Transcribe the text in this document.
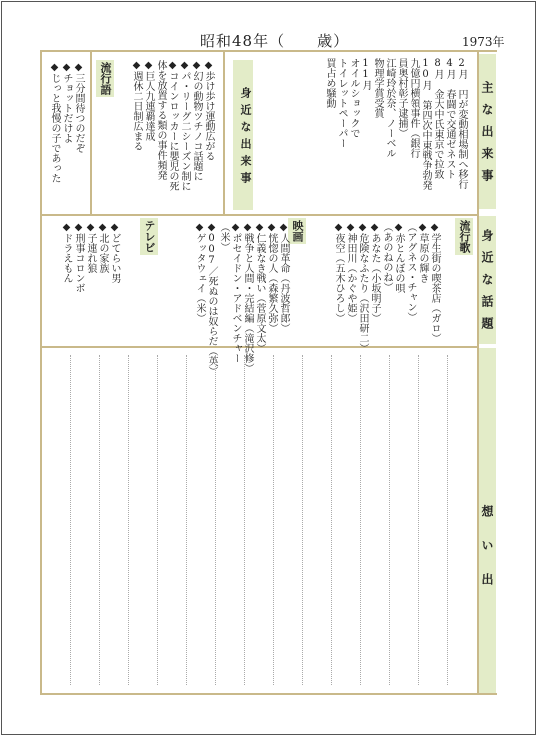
昭和48年（　　歳）	1973年
主な出来事
身近な話題
想い出
2月　円が変動相場制へ移行
4月　春闘で交通ゼネスト
8月　金大中氏東京で拉致
10月　第四次中東戦争勃発
九億円横領事件（銀行
員奥村彰子逮捕）
江崎玲於奈、ノーベル
物理学賞受賞
11月
オイルショックで
トイレットペーパー
買占め騒動
身近な出来事
◆歩け歩け運動広がる
◆幻の動物ツチノコ話題に
◆パ・リーグ二シーズン制に
◆コインロッカーに嬰児の死
体を放置する類の事件頻発
◆巨人九連覇達成
◆週休二日制広まる
流行語
◆三分間待つのだぞ
◆チョットだけよ
◆じっと我慢の子であった
流行歌
◆学生街の喫茶店（ガロ）
◆草原の輝き
（アグネス・チャン）
◆赤とんぼの唄
（あのねのね）
◆あなた（小坂明子）
◆危険なふたり（沢田研二）
◆神田川（かぐや姫）
◆夜空（五木ひろし）
映画
◆人間革命（丹波哲郎）
◆恍惚の人（森繁久弥）
◆仁義なき戦い（菅原文太）
◆戦争と人間・完結編（滝沢修）
◆ポセイドン・アドベンチャー
（米）
◆007／死ぬのは奴らだ（英）
◆ゲッタウェイ（米）
テレビ
◆どてらい男
◆北の家族
◆子連れ狼
◆刑事コロンボ
◆ドラえもん
